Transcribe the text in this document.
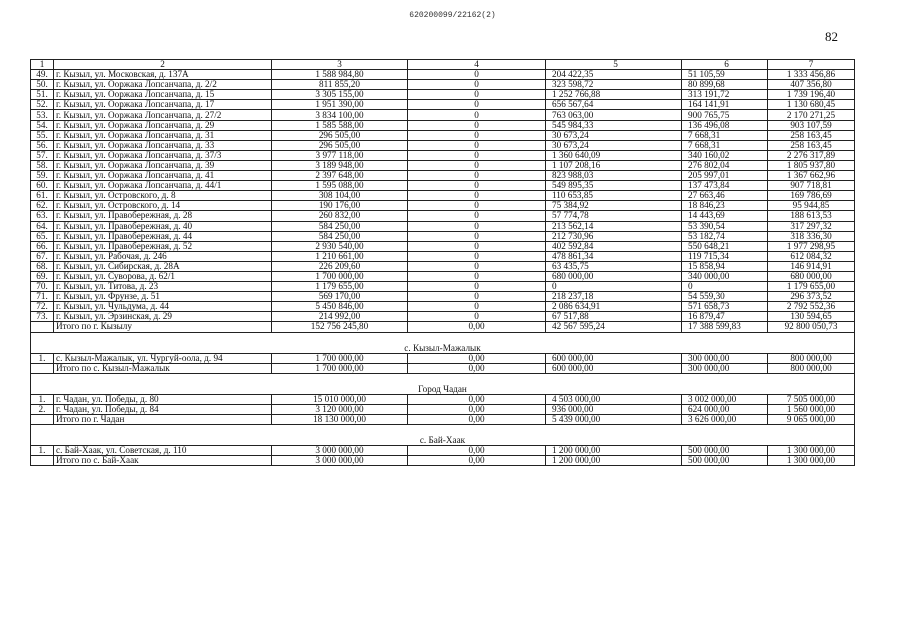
620200099/22162(2)
82
1	2	3	4	5	6	7
49.	г. Кызыл, ул. Московская, д. 137А	1 588 984,80	0	204 422,35	51 105,59	1 333 456,86
50.	г. Кызыл, ул. Ооржака Лопсанчапа, д. 2/2	811 855,20	0	323 598,72	80 899,68	407 356,80
51.	г. Кызыл, ул. Ооржака Лопсанчапа, д. 15	3 305 155,00	0	1 252 766,88	313 191,72	1 739 196,40
52.	г. Кызыл, ул. Ооржака Лопсанчапа, д. 17	1 951 390,00	0	656 567,64	164 141,91	1 130 680,45
53.	г. Кызыл, ул. Ооржака Лопсанчапа, д. 27/2	3 834 100,00	0	763 063,00	900 765,75	2 170 271,25
54.	г. Кызыл, ул. Ооржака Лопсанчапа, д. 29	1 585 588,00	0	545 984,33	136 496,08	903 107,59
55.	г. Кызыл, ул. Ооржака Лопсанчапа, д. 31	296 505,00	0	30 673,24	7 668,31	258 163,45
56.	г. Кызыл, ул. Ооржака Лопсанчапа, д. 33	296 505,00	0	30 673,24	7 668,31	258 163,45
57.	г. Кызыл, ул. Ооржака Лопсанчапа, д. 37/3	3 977 118,00	0	1 360 640,09	340 160,02	2 276 317,89
58.	г. Кызыл, ул. Ооржака Лопсанчапа, д. 39	3 189 948,00	0	1 107 208,16	276 802,04	1 805 937,80
59.	г. Кызыл, ул. Ооржака Лопсанчапа, д. 41	2 397 648,00	0	823 988,03	205 997,01	1 367 662,96
60.	г. Кызыл, ул. Ооржака Лопсанчапа, д. 44/1	1 595 088,00	0	549 895,35	137 473,84	907 718,81
61.	г. Кызыл, ул. Островского, д. 8	308 104,00	0	110 653,85	27 663,46	169 786,69
62.	г. Кызыл, ул. Островского, д. 14	190 176,00	0	75 384,92	18 846,23	95 944,85
63.	г. Кызыл, ул. Правобережная, д. 28	260 832,00	0	57 774,78	14 443,69	188 613,53
64.	г. Кызыл, ул. Правобережная, д. 40	584 250,00	0	213 562,14	53 390,54	317 297,32
65.	г. Кызыл, ул. Правобережная, д. 44	584 250,00	0	212 730,96	53 182,74	318 336,30
66.	г. Кызыл, ул. Правобережная, д. 52	2 930 540,00	0	402 592,84	550 648,21	1 977 298,95
67.	г. Кызыл, ул. Рабочая, д. 246	1 210 661,00	0	478 861,34	119 715,34	612 084,32
68.	г. Кызыл, ул. Сибирская, д. 28А	226 209,60	0	63 435,75	15 858,94	146 914,91
69.	г. Кызыл, ул. Суворова, д. 62/1	1 700 000,00	0	680 000,00	340 000,00	680 000,00
70.	г. Кызыл, ул. Титова, д. 23	1 179 655,00	0	0	0	1 179 655,00
71.	г. Кызыл, ул. Фрунзе, д. 51	569 170,00	0	218 237,18	54 559,30	296 373,52
72.	г. Кызыл, ул. Чульдума, д. 44	5 450 846,00	0	2 086 634,91	571 658,73	2 792 552,36
73.	г. Кызыл, ул. Эрзинская, д. 29	214 992,00	0	67 517,88	16 879,47	130 594,65
	Итого по г. Кызылу	152 756 245,80	0,00	42 567 595,24	17 388 599,83	92 800 050,73
с. Кызыл-Мажалык						
1.	с. Кызыл-Мажалык, ул. Чургуй-оола, д. 94	1 700 000,00	0,00	600 000,00	300 000,00	800 000,00
	Итого по с. Кызыл-Мажалык	1 700 000,00	0,00	600 000,00	300 000,00	800 000,00
Город Чадан						
1.	г. Чадан, ул. Победы, д. 80	15 010 000,00	0,00	4 503 000,00	3 002 000,00	7 505 000,00
2.	г. Чадан, ул. Победы, д. 84	3 120 000,00	0,00	936 000,00	624 000,00	1 560 000,00
	Итого по г. Чадан	18 130 000,00	0,00	5 439 000,00	3 626 000,00	9 065 000,00
с. Бай-Хаак						
1.	с. Бай-Хаак, ул. Советская, д. 110	3 000 000,00	0,00	1 200 000,00	500 000,00	1 300 000,00
	Итого по с. Бай-Хаак	3 000 000,00	0,00	1 200 000,00	500 000,00	1 300 000,00
